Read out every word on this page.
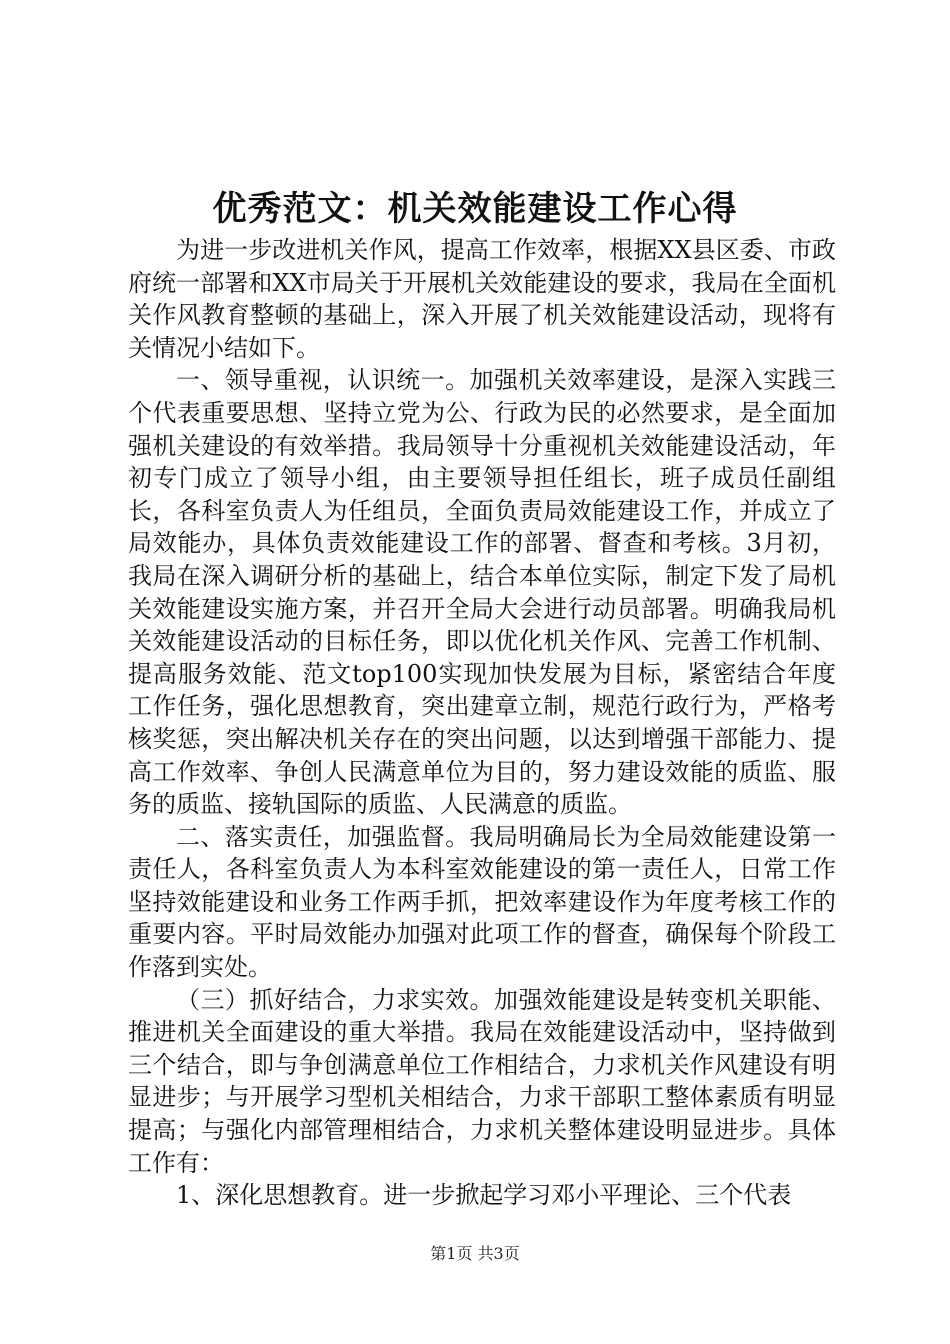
优秀范文：机关效能建设工作心得

为进一步改进机关作风，提高工作效率，根据XX县区委、市政府统一部署和XX市局关于开展机关效能建设的要求，我局在全面机关作风教育整顿的基础上，深入开展了机关效能建设活动，现将有关情况小结如下。

一、领导重视，认识统一。加强机关效率建设，是深入实践三个代表重要思想、坚持立党为公、行政为民的必然要求，是全面加强机关建设的有效举措。我局领导十分重视机关效能建设活动，年初专门成立了领导小组，由主要领导担任组长，班子成员任副组长，各科室负责人为任组员，全面负责局效能建设工作，并成立了局效能办，具体负责效能建设工作的部署、督查和考核。3月初，我局在深入调研分析的基础上，结合本单位实际，制定下发了局机关效能建设实施方案，并召开全局大会进行动员部署。明确我局机关效能建设活动的目标任务，即以优化机关作风、完善工作机制、提高服务效能、范文top100实现加快发展为目标，紧密结合年度工作任务，强化思想教育，突出建章立制，规范行政行为，严格考核奖惩，突出解决机关存在的突出问题，以达到增强干部能力、提高工作效率、争创人民满意单位为目的，努力建设效能的质监、服务的质监、接轨国际的质监、人民满意的质监。

二、落实责任，加强监督。我局明确局长为全局效能建设第一责任人，各科室负责人为本科室效能建设的第一责任人，日常工作坚持效能建设和业务工作两手抓，把效率建设作为年度考核工作的重要内容。平时局效能办加强对此项工作的督查，确保每个阶段工作落到实处。

（三）抓好结合，力求实效。加强效能建设是转变机关职能、推进机关全面建设的重大举措。我局在效能建设活动中，坚持做到三个结合，即与争创满意单位工作相结合，力求机关作风建设有明显进步；与开展学习型机关相结合，力求干部职工整体素质有明显提高；与强化内部管理相结合，力求机关整体建设明显进步。具体工作有：

1、深化思想教育。进一步掀起学习邓小平理论、三个代表

第1页 共3页
